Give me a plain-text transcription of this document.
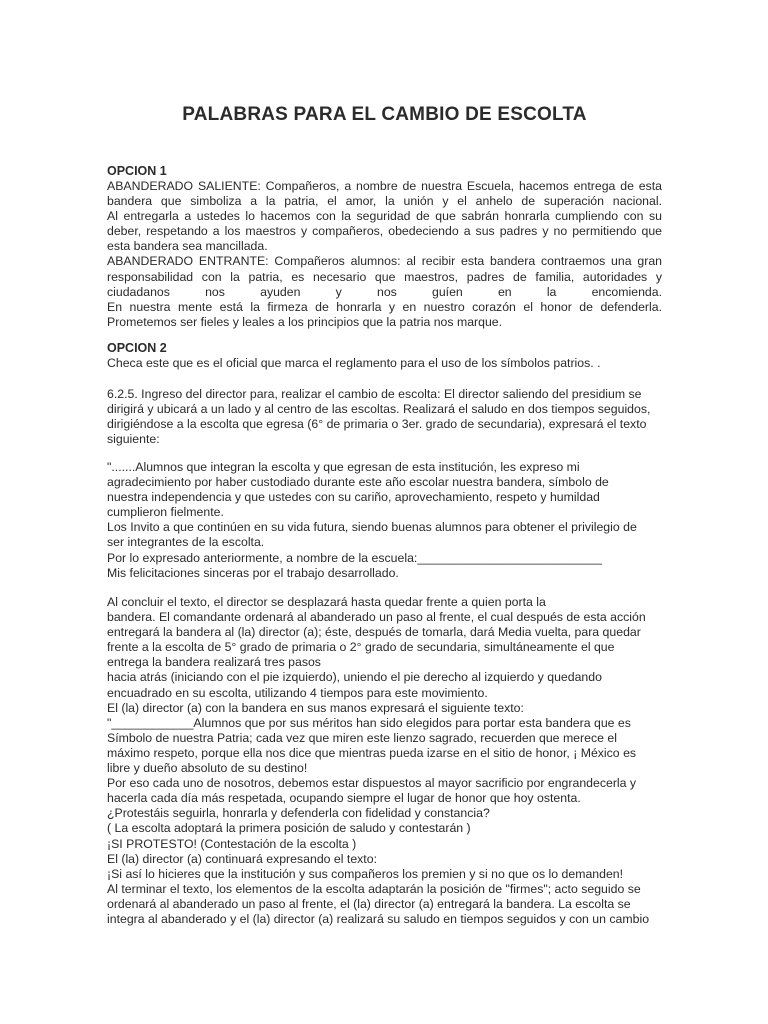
PALABRAS PARA EL CAMBIO DE ESCOLTA
OPCION 1
ABANDERADO SALIENTE: Compañeros, a nombre de nuestra Escuela, hacemos entrega de esta
bandera que simboliza a la patria, el amor, la unión y el anhelo de superación nacional.
Al entregarla a ustedes lo hacemos con la seguridad de que sabrán honrarla cumpliendo con su
deber, respetando a los maestros y compañeros, obedeciendo a sus padres y no permitiendo que
esta bandera sea mancillada.
ABANDERADO ENTRANTE: Compañeros alumnos: al recibir esta bandera contraemos una gran
responsabilidad con la patria, es necesario que maestros, padres de familia, autoridades y
ciudadanos nos ayuden y nos guíen en la encomienda.
En nuestra mente está la firmeza de honrarla y en nuestro corazón el honor de defenderla.
Prometemos ser fieles y leales a los principios que la patria nos marque.
OPCION 2
Checa este que es el oficial que marca el reglamento para el uso de los símbolos patrios. .
6.2.5. Ingreso del director para, realizar el cambio de escolta: El director saliendo del presidium se
dirigirá y ubicará a un lado y al centro de las escoltas. Realizará el saludo en dos tiempos seguidos,
dirigiéndose a la escolta que egresa (6° de primaria o 3er. grado de secundaria), expresará el texto
siguiente:
".......Alumnos que integran la escolta y que egresan de esta institución, les expreso mi
agradecimiento por haber custodiado durante este año escolar nuestra bandera, símbolo de
nuestra independencia y que ustedes con su cariño, aprovechamiento, respeto y humildad
cumplieron fielmente.
Los Invito a que continúen en su vida futura, siendo buenas alumnos para obtener el privilegio de
ser integrantes de la escolta.
Por lo expresado anteriormente, a nombre de la escuela:___________________________
Mis felicitaciones sinceras por el trabajo desarrollado.
Al concluir el texto, el director se desplazará hasta quedar frente a quien porta la
bandera. El comandante ordenará al abanderado un paso al frente, el cual después de esta acción
entregará la bandera al (la) director (a); éste, después de tomarla, dará Media vuelta, para quedar
frente a la escolta de 5° grado de primaria o 2° grado de secundaria, simultáneamente el que
entrega la bandera realizará tres pasos
hacia atrás (iniciando con el pie izquierdo), uniendo el pie derecho al izquierdo y quedando
encuadrado en su escolta, utilizando 4 tiempos para este movimiento.
El (la) director (a) con la bandera en sus manos expresará el siguiente texto:
"____________Alumnos que por sus méritos han sido elegidos para portar esta bandera que es
Símbolo de nuestra Patria; cada vez que miren este lienzo sagrado, recuerden que merece el
máximo respeto, porque ella nos dice que mientras pueda izarse en el sitio de honor, ¡ México es
libre y dueño absoluto de su destino!
Por eso cada uno de nosotros, debemos estar dispuestos al mayor sacrificio por engrandecerla y
hacerla cada día más respetada, ocupando siempre el lugar de honor que hoy ostenta.
¿Protestáis seguirla, honrarla y defenderla con fidelidad y constancia?
( La escolta adoptará la primera posición de saludo y contestarán )
¡SI PROTESTO! (Contestación de la escolta )
El (la) director (a) continuará expresando el texto:
¡Si así lo hicieres que la institución y sus compañeros los premien y si no que os lo demanden!
Al terminar el texto, los elementos de la escolta adaptarán la posición de "firmes"; acto seguido se
ordenará al abanderado un paso al frente, el (la) director (a) entregará la bandera. La escolta se
integra al abanderado y el (la) director (a) realizará su saludo en tiempos seguidos y con un cambio
